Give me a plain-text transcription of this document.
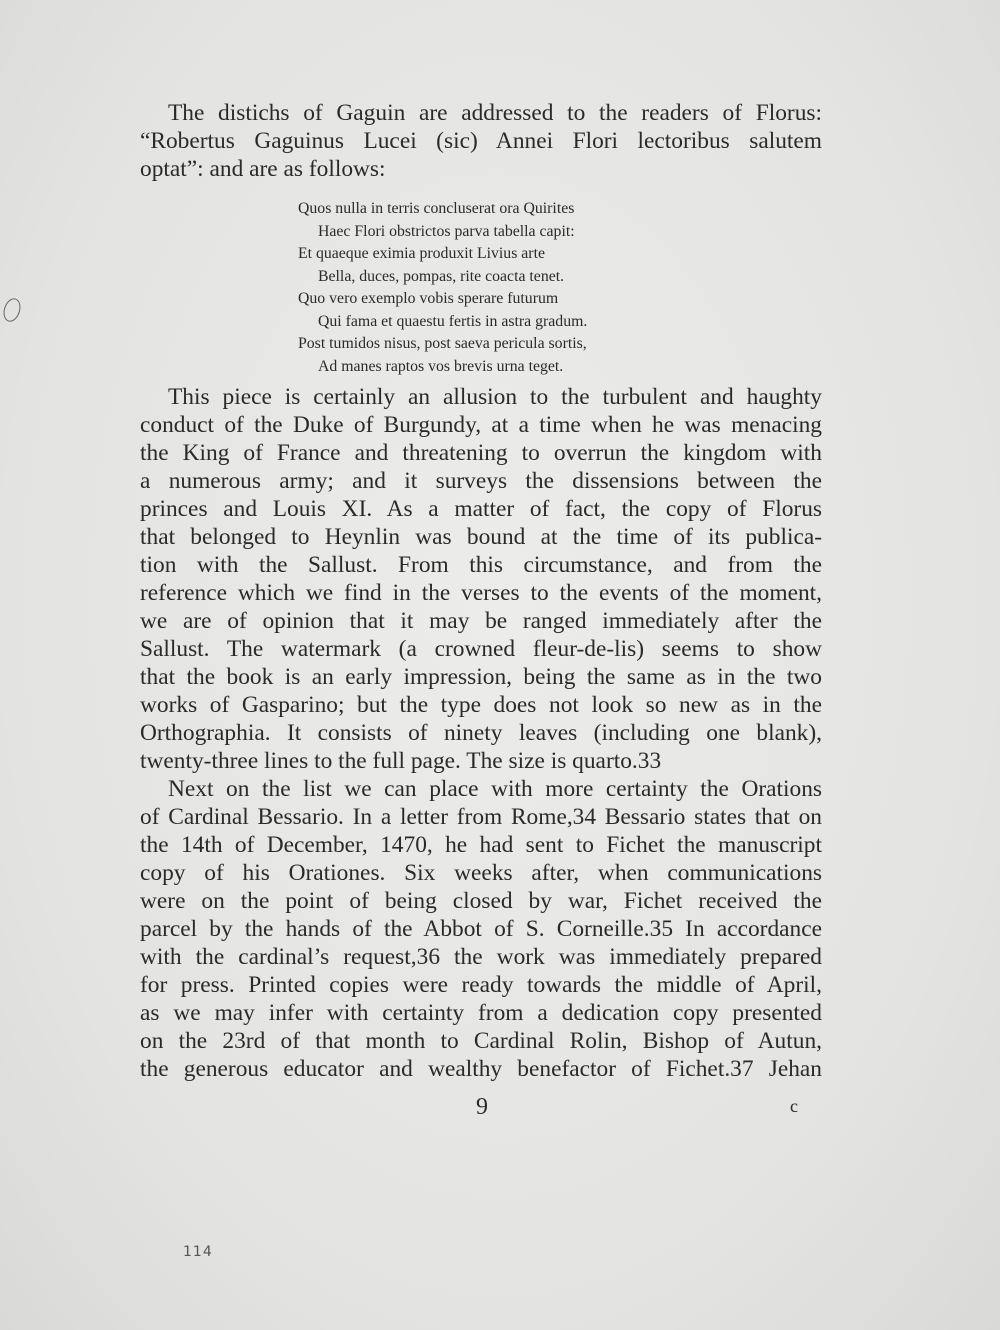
The distichs of Gaguin are addressed to the readers of Florus:
“Robertus Gaguinus Lucei (sic) Annei Flori lectoribus salutem
optat”: and are as follows:
This piece is certainly an allusion to the turbulent and haughty
conduct of the Duke of Burgundy, at a time when he was menacing
the King of France and threatening to overrun the kingdom with
a numerous army; and it surveys the dissensions between the
princes and Louis XI. As a matter of fact, the copy of Florus
that belonged to Heynlin was bound at the time of its publica-
tion with the Sallust. From this circumstance, and from the
reference which we find in the verses to the events of the moment,
we are of opinion that it may be ranged immediately after the
Sallust. The watermark (a crowned fleur-de-lis) seems to show
that the book is an early impression, being the same as in the two
works of Gasparino; but the type does not look so new as in the
Orthographia. It consists of ninety leaves (including one blank),
twenty-three lines to the full page. The size is quarto.33
Next on the list we can place with more certainty the Orations
of Cardinal Bessario. In a letter from Rome,34 Bessario states that on
the 14th of December, 1470, he had sent to Fichet the manuscript
copy of his Orationes. Six weeks after, when communications
were on the point of being closed by war, Fichet received the
parcel by the hands of the Abbot of S. Corneille.35 In accordance
with the cardinal’s request,36 the work was immediately prepared
for press. Printed copies were ready towards the middle of April,
as we may infer with certainty from a dedication copy presented
on the 23rd of that month to Cardinal Rolin, Bishop of Autun,
the generous educator and wealthy benefactor of Fichet.37 Jehan
Quos nulla in terris concluserat ora Quirites
Haec Flori obstrictos parva tabella capit:
Et quaeque eximia produxit Livius arte
Bella, duces, pompas, rite coacta tenet.
Quo vero exemplo vobis sperare futurum
Qui fama et quaestu fertis in astra gradum.
Post tumidos nisus, post saeva pericula sortis,
Ad manes raptos vos brevis urna teget.
9	c
114
